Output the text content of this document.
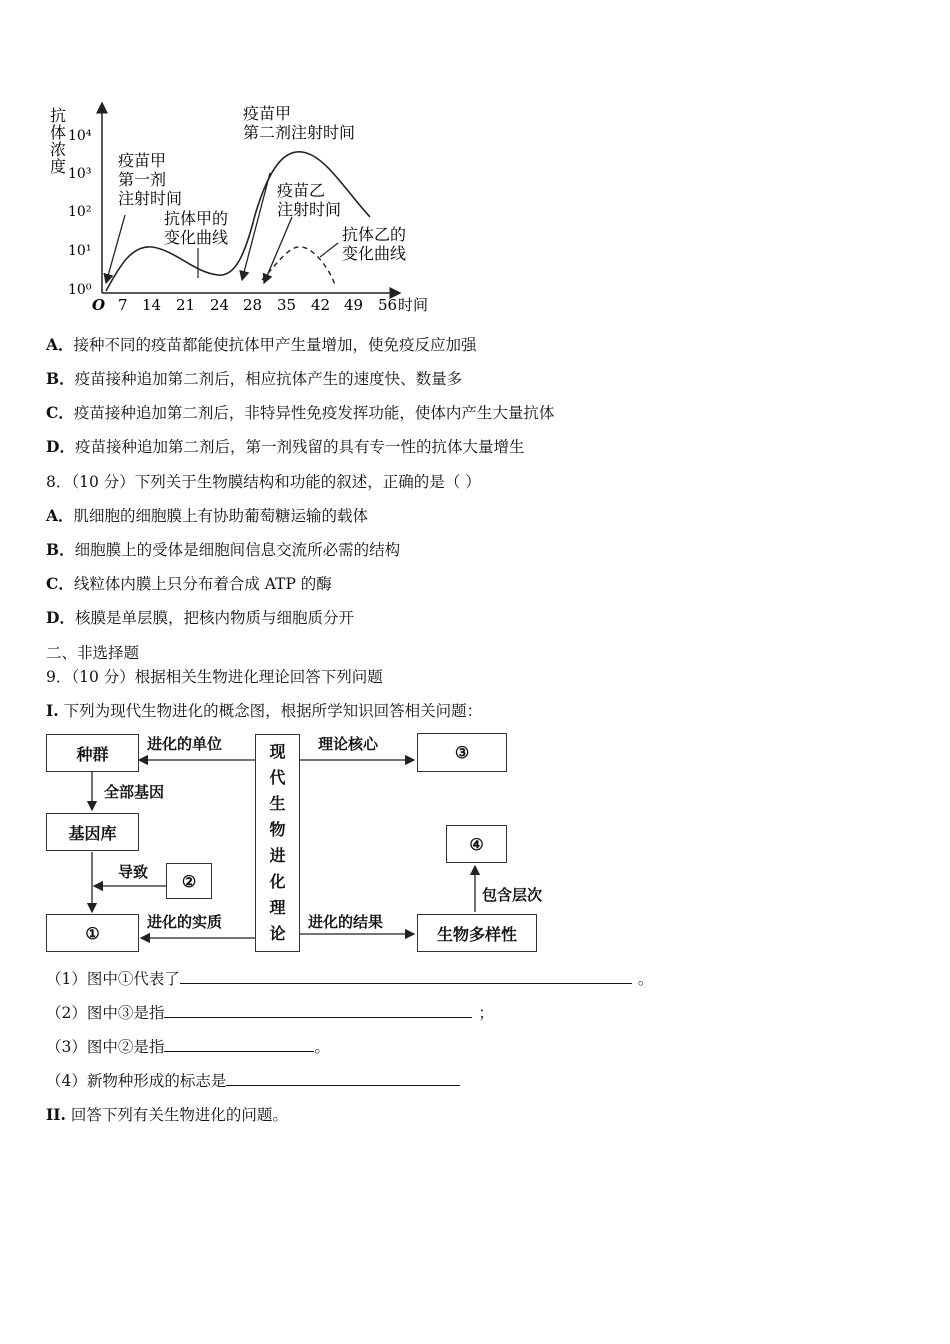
抗
体
浓
度
10⁰
10¹
10²
10³
10⁴
O 7 14 21 24 28 35 42 49 56 时间
疫苗甲
第一剂
注射时间
抗体甲的
变化曲线
疫苗甲
第二剂注射时间
疫苗乙
注射时间
抗体乙的
变化曲线
A．接种不同的疫苗都能使抗体甲产生量增加，使免疫反应加强
B．疫苗接种追加第二剂后，相应抗体产生的速度快、数量多
C．疫苗接种追加第二剂后，非特异性免疫发挥功能，使体内产生大量抗体
D．疫苗接种追加第二剂后，第一剂残留的具有专一性的抗体大量增生
8．（10 分）下列关于生物膜结构和功能的叙述，正确的是（ ）
A．肌细胞的细胞膜上有协助葡萄糖运输的载体
B．细胞膜上的受体是细胞间信息交流所必需的结构
C．线粒体内膜上只分布着合成 ATP 的酶
D．核膜是单层膜，把核内物质与细胞质分开
二、非选择题
9．（10 分）根据相关生物进化理论回答下列问题
I. 下列为现代生物进化的概念图，根据所学知识回答相关问题：
种群
基因库
①
②
③
④
生物多样性
现
代
生
物
进
化
理
论
进化的单位
全部基因
导致
进化的实质
理论核心
进化的结果
包含层次
（1）图中①代表了	。
（2）图中③是指	；
（3）图中②是指	。
（4）新物种形成的标志是
II. 回答下列有关生物进化的问题。
